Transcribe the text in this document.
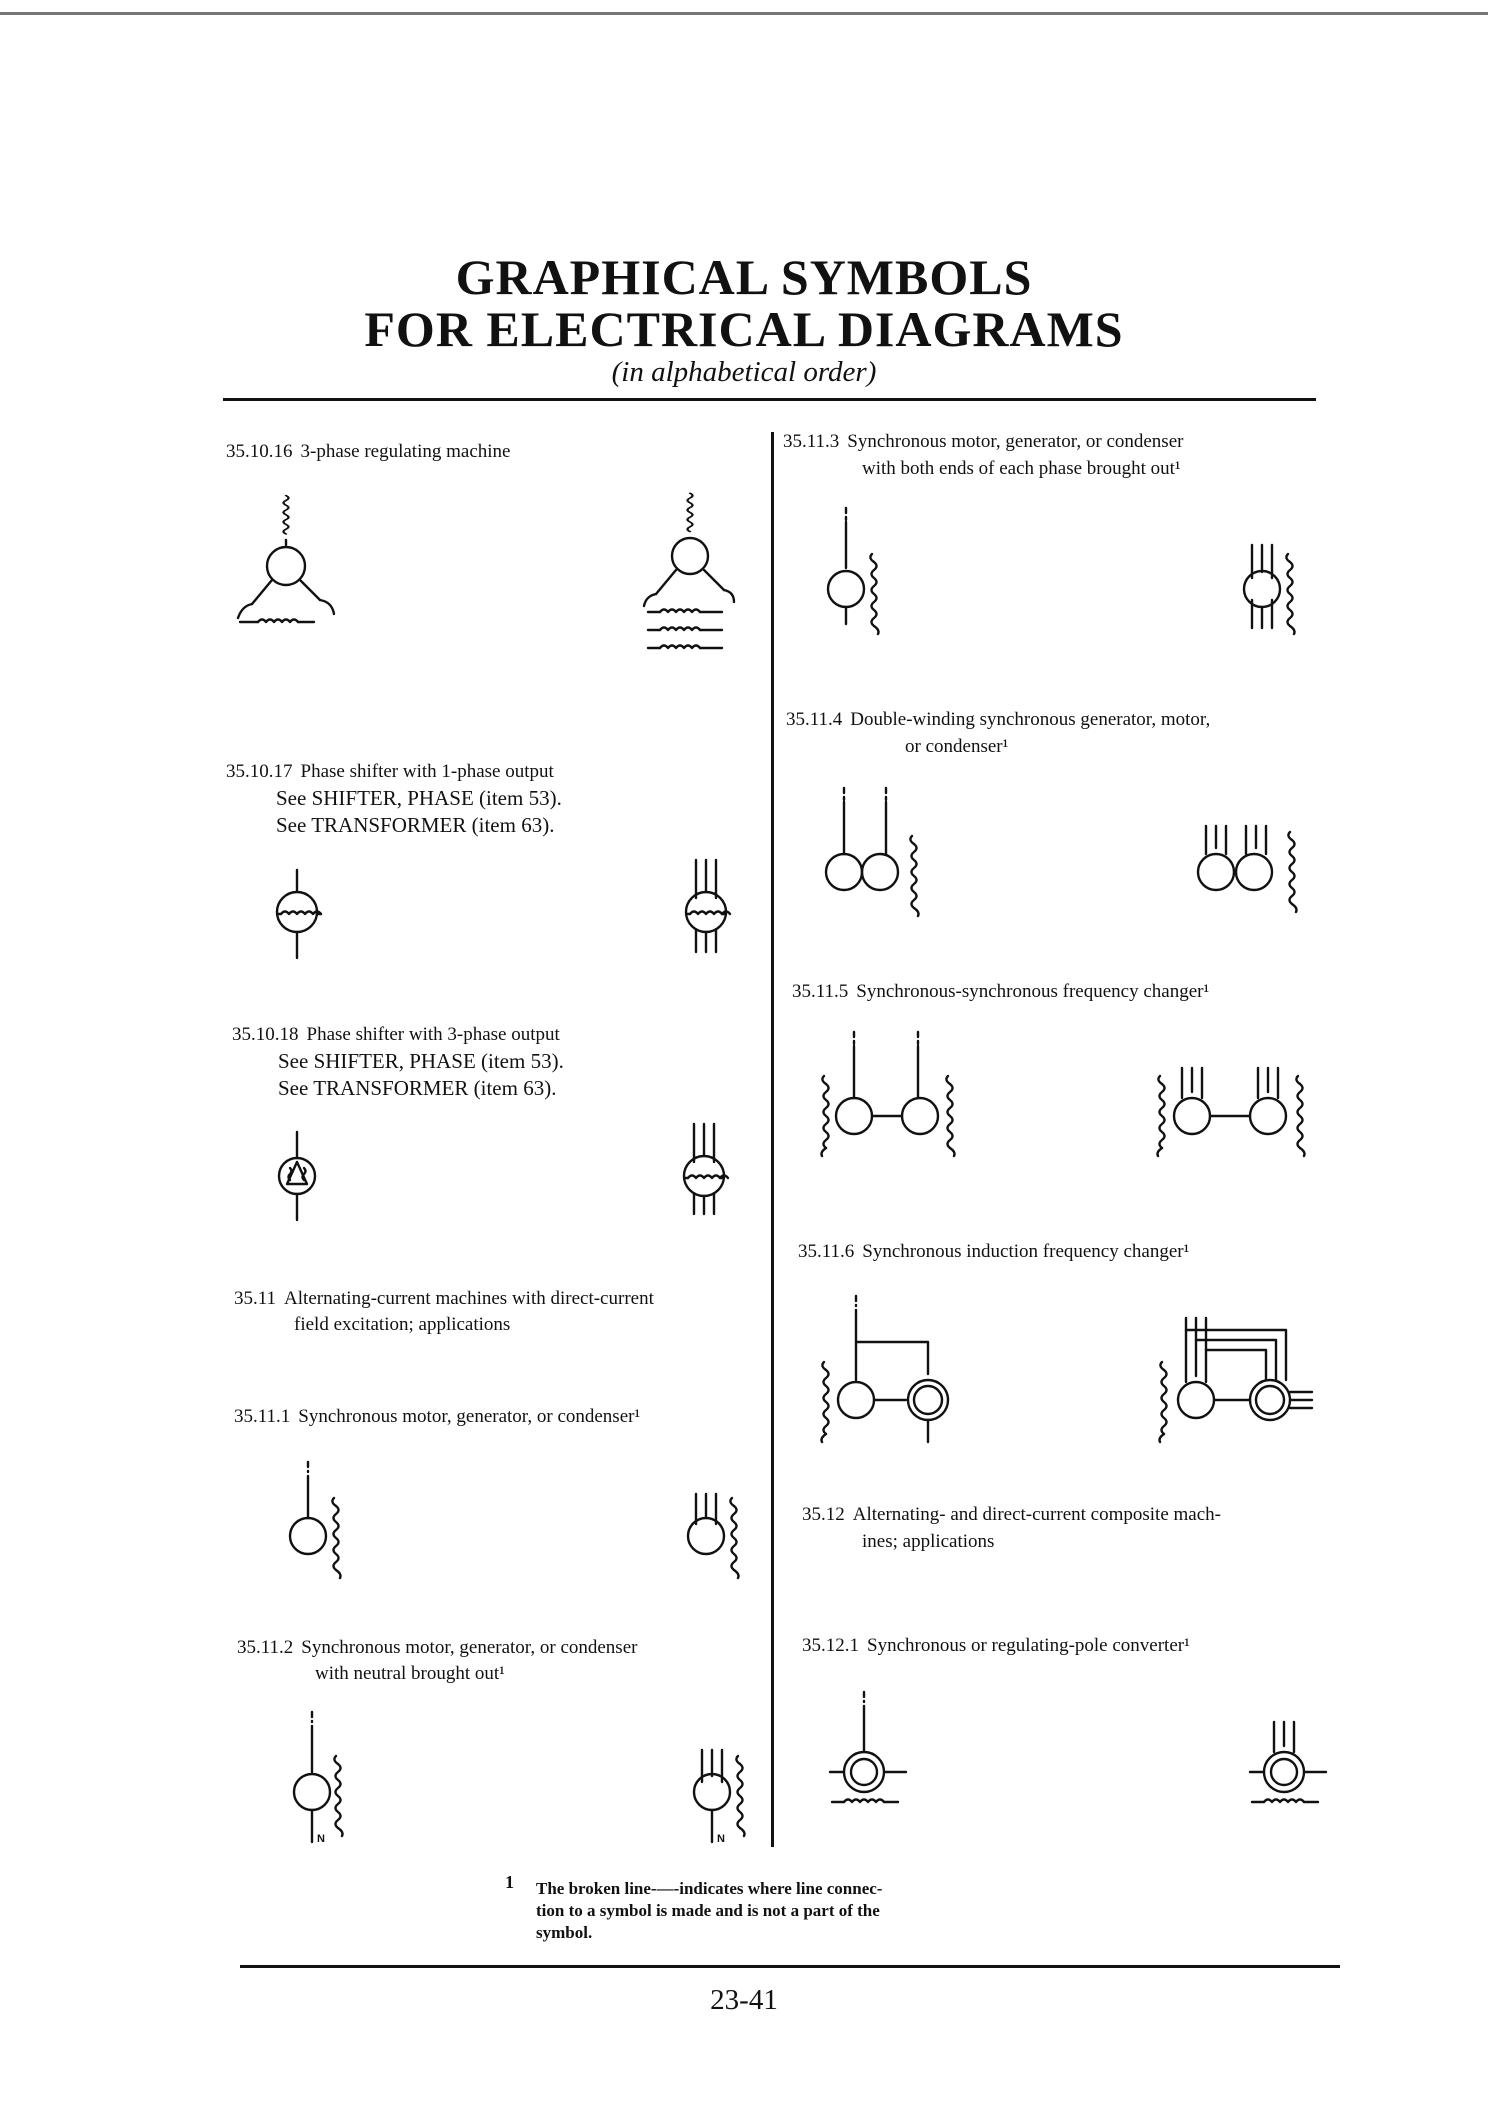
GRAPHICAL SYMBOLS
FOR ELECTRICAL DIAGRAMS
(in alphabetical order)
35.10.16 3-phase regulating machine
35.10.17 Phase shifter with 1-phase output
See SHIFTER, PHASE (item 53).
See TRANSFORMER (item 63).
35.10.18 Phase shifter with 3-phase output
See SHIFTER, PHASE (item 53).
See TRANSFORMER (item 63).
35.11 Alternating-current machines with direct-current
field excitation; applications
35.11.1 Synchronous motor, generator, or condenser¹
35.11.2 Synchronous motor, generator, or condenser
with neutral brought out¹
35.11.3 Synchronous motor, generator, or condenser
with both ends of each phase brought out¹
35.11.4 Double-winding synchronous generator, motor,
or condenser¹
35.11.5 Synchronous-synchronous frequency changer¹
35.11.6 Synchronous induction frequency changer¹
35.12 Alternating- and direct-current composite mach-
ines; applications
35.12.1 Synchronous or regulating-pole converter¹
N	N
1 The broken line-—-indicates where line connec-
tion to a symbol is made and is not a part of the
symbol.
23-41
